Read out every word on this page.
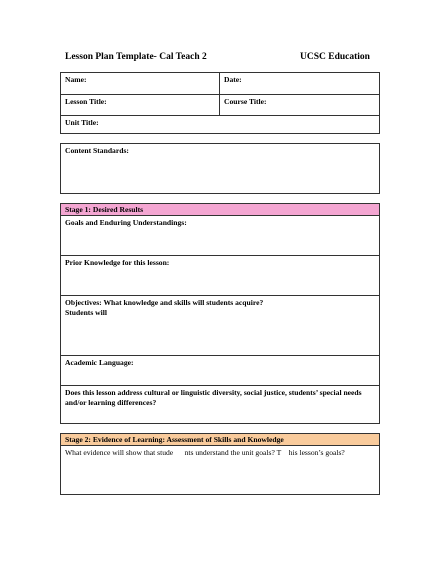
Lesson Plan Template- Cal Teach 2	UCSC Education
Name:	Date:
Lesson Title:	Course Title:
Unit Title:
Content Standards:
Stage 1: Desired Results
Goals and Enduring Understandings:
Prior Knowledge for this lesson:
Objectives: What knowledge and skills will students acquire?
Students will
Academic Language:
Does this lesson address cultural or linguistic diversity, social justice, students’ special needs and/or learning differences?
Stage 2: Evidence of Learning: Assessment of Skills and Knowledge
What evidence will show that stude      nts understand the unit goals? T    his lesson’s goals?
